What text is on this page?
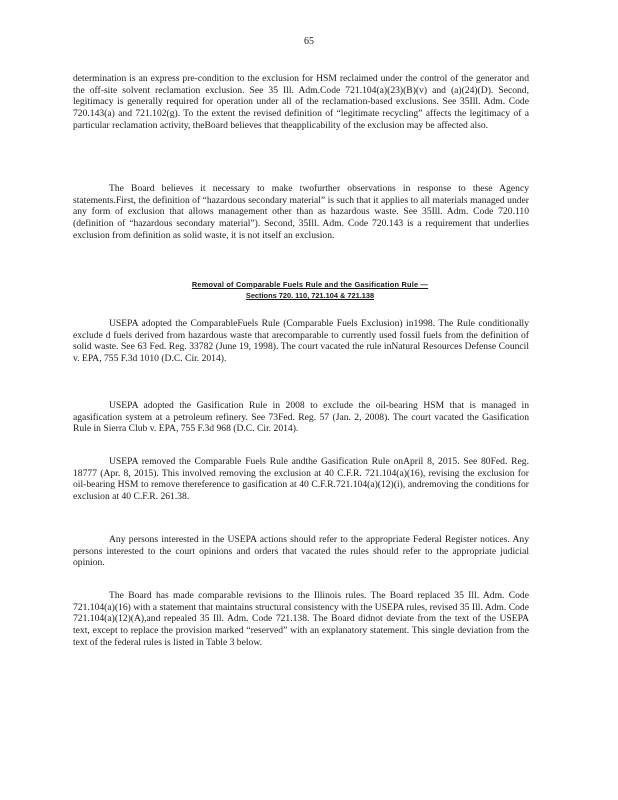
65

determination is an express pre-condition to the exclusion for HSM reclaimed under the control of the generator and the off-site solvent reclamation exclusion. See 35 Ill. Adm.Code 721.104(a)(23)(B)(v) and (a)(24)(D). Second, legitimacy is generally required for operation under all of the reclamation-based exclusions. See 35Ill. Adm. Code 720.143(a) and 721.102(g). To the extent the revised definition of “legitimate recycling” affects the legitimacy of a particular reclamation activity, theBoard believes that theapplicability of the exclusion may be affected also.

The Board believes it necessary to make twofurther observations in response to these Agency statements.First, the definition of “hazardous secondary material” is such that it applies to all materials managed under any form of exclusion that allows management other than as hazardous waste. See 35Ill. Adm. Code 720.110 (definition of “hazardous secondary material”). Second, 35Ill. Adm. Code 720.143 is a requirement that underlies exclusion from definition as solid waste, it is not itself an exclusion.

Removal of Comparable Fuels Rule and the Gasification Rule —
Sections 720. 110, 721.104 & 721.138

USEPA adopted the ComparableFuels Rule (Comparable Fuels Exclusion) in1998. The Rule conditionally exclude d fuels derived from hazardous waste that arecomparable to currently used fossil fuels from the definition of solid waste. See 63 Fed. Reg. 33782 (June 19, 1998). The court vacated the rule inNatural Resources Defense Council v. EPA, 755 F.3d 1010 (D.C. Cir. 2014).

USEPA adopted the Gasification Rule in 2008 to exclude the oil-bearing HSM that is managed in agasification system at a petroleum refinery. See 73Fed. Reg. 57 (Jan. 2, 2008). The court vacated the Gasification Rule in Sierra Club v. EPA, 755 F.3d 968 (D.C. Cir. 2014).

USEPA removed the Comparable Fuels Rule andthe Gasification Rule onApril 8, 2015. See 80Fed. Reg. 18777 (Apr. 8, 2015). This involved removing the exclusion at 40 C.F.R. 721.104(a)(16), revising the exclusion for oil-bearing HSM to remove thereference to gasification at 40 C.F.R.721.104(a)(12)(i), andremoving the conditions for exclusion at 40 C.F.R. 261.38.

Any persons interested in the USEPA actions should refer to the appropriate Federal Register notices. Any persons interested to the court opinions and orders that vacated the rules should refer to the appropriate judicial opinion.

The Board has made comparable revisions to the Illinois rules. The Board replaced 35 Ill. Adm. Code 721.104(a)(16) with a statement that maintains structural consistency with the USEPA rules, revised 35 Ill. Adm. Code 721.104(a)(12)(A),and repealed 35 Ill. Adm. Code 721.138. The Board didnot deviate from the text of the USEPA text, except to replace the provision marked “reserved” with an explanatory statement. This single deviation from the text of the federal rules is listed in Table 3 below.
